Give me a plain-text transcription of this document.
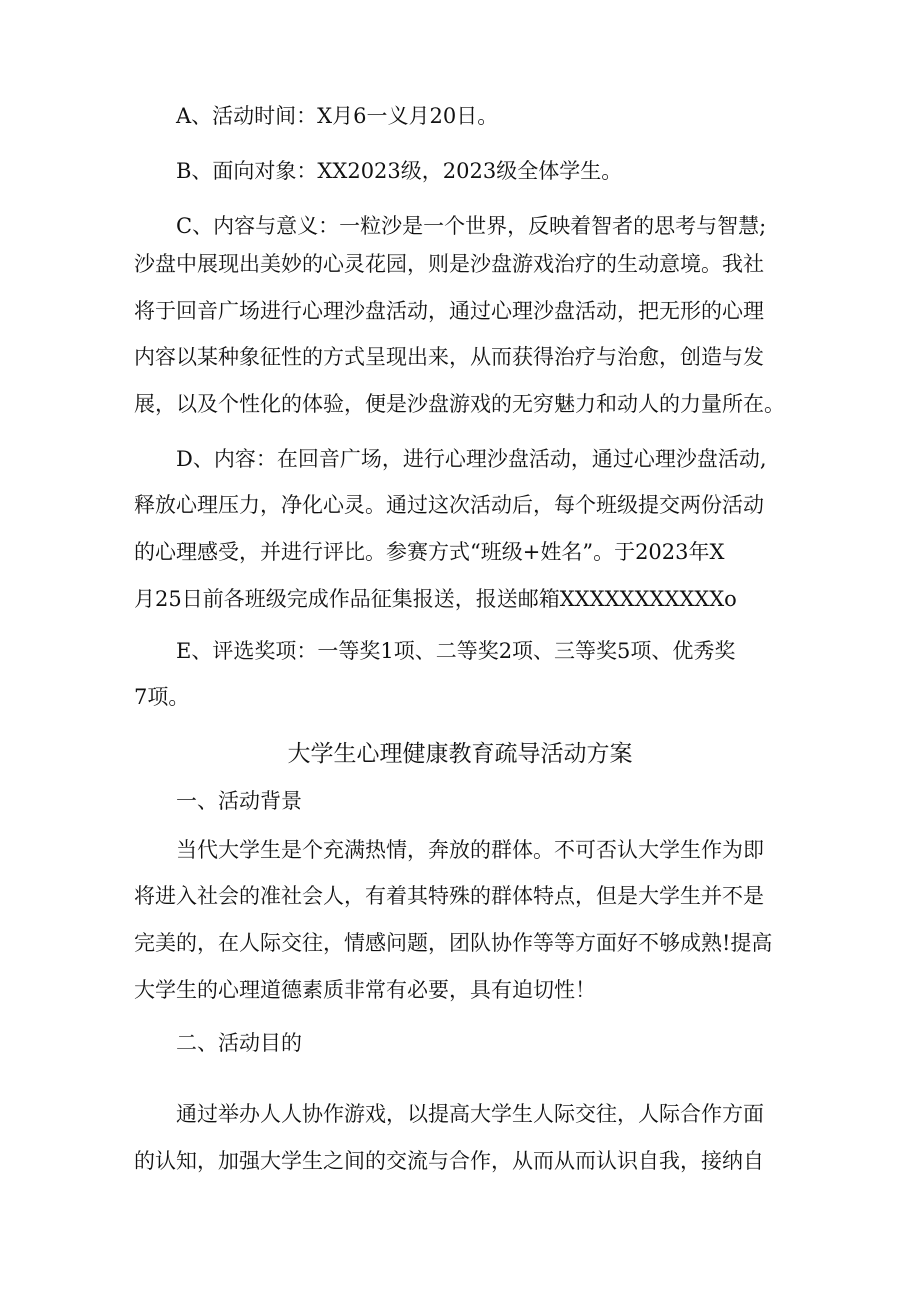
A、活动时间：X月6一义月20日。
B、面向对象：XX2023级，2023级全体学生。
C、内容与意义：一粒沙是一个世界，反映着智者的思考与智慧;
沙盘中展现出美妙的心灵花园，则是沙盘游戏治疗的生动意境。我社
将于回音广场进行心理沙盘活动，通过心理沙盘活动，把无形的心理
内容以某种象征性的方式呈现出来，从而获得治疗与治愈，创造与发
展，以及个性化的体验，便是沙盘游戏的无穷魅力和动人的力量所在。
D、内容：在回音广场，进行心理沙盘活动，通过心理沙盘活动,
释放心理压力，净化心灵。通过这次活动后，每个班级提交两份活动
的心理感受，并进行评比。参赛方式“班级+姓名”。于2023年X
月25日前各班级完成作品征集报送，报送邮箱XXXXXXXXXXXo
E、评选奖项：一等奖1项、二等奖2项、三等奖5项、优秀奖
7项。
大学生心理健康教育疏导活动方案
一、活动背景
当代大学生是个充满热情，奔放的群体。不可否认大学生作为即
将进入社会的准社会人，有着其特殊的群体特点，但是大学生并不是
完美的，在人际交往，情感问题，团队协作等等方面好不够成熟!提高
大学生的心理道德素质非常有必要，具有迫切性！
二、活动目的
通过举办人人协作游戏，以提高大学生人际交往，人际合作方面
的认知，加强大学生之间的交流与合作，从而从而认识自我，接纳自
